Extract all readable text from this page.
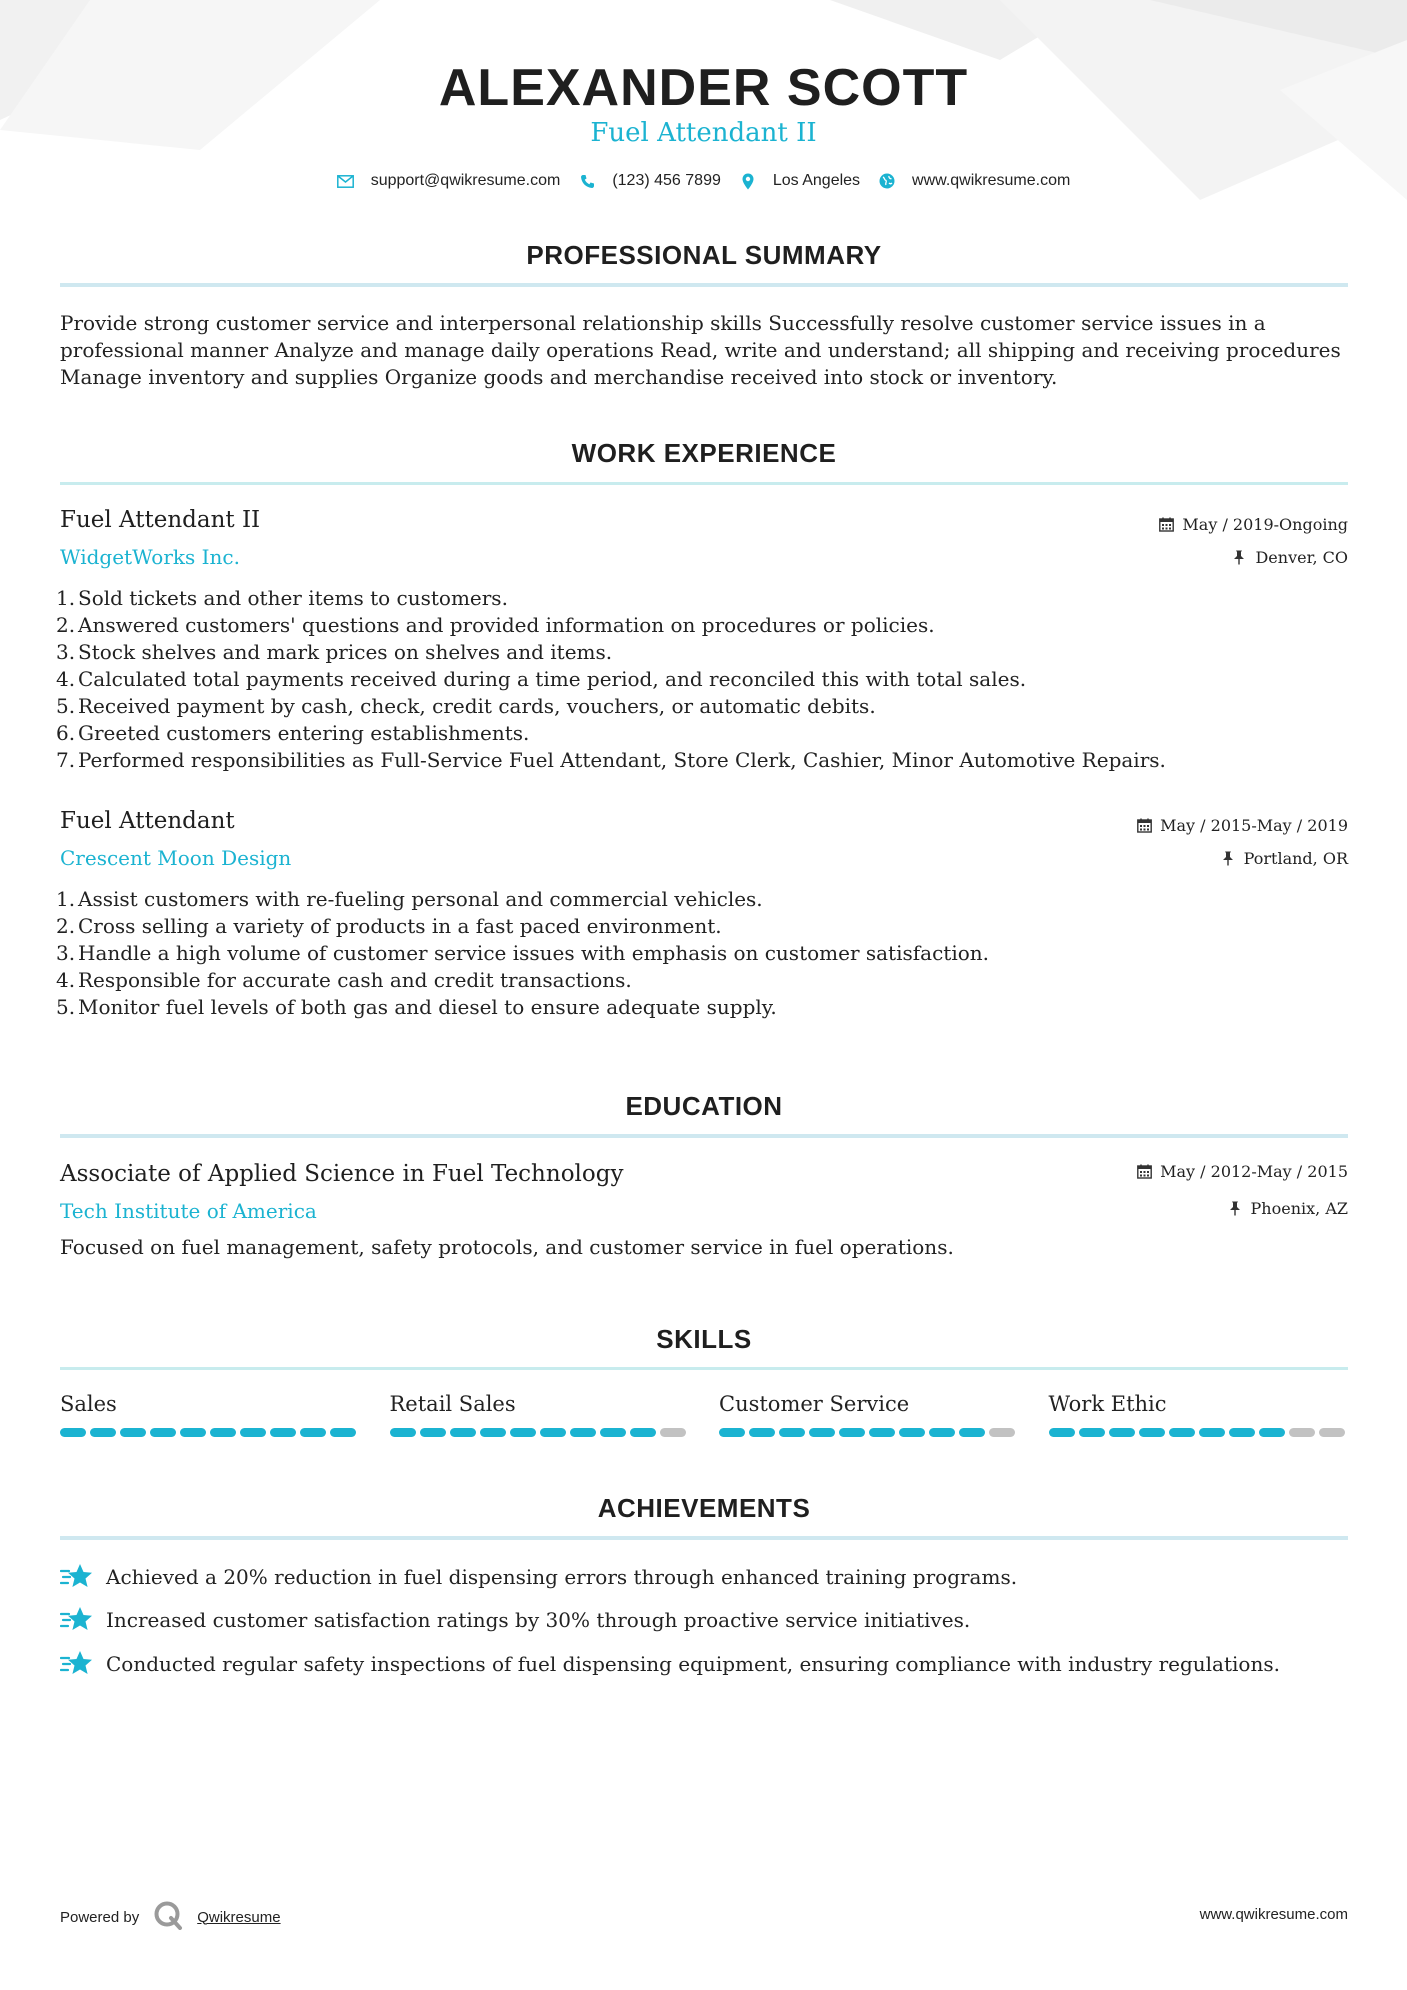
ALEXANDER SCOTT
Fuel Attendant II
support@qwikresume.com	(123) 456 7899	Los Angeles	www.qwikresume.com
PROFESSIONAL SUMMARY
Provide strong customer service and interpersonal relationship skills Successfully resolve customer service issues in a professional manner Analyze and manage daily operations Read, write and understand; all shipping and receiving procedures Manage inventory and supplies Organize goods and merchandise received into stock or inventory.
WORK EXPERIENCE
Fuel Attendant II
WidgetWorks Inc.
May / 2019-Ongoing
Denver, CO
1. Sold tickets and other items to customers.
2. Answered customers' questions and provided information on procedures or policies.
3. Stock shelves and mark prices on shelves and items.
4. Calculated total payments received during a time period, and reconciled this with total sales.
5. Received payment by cash, check, credit cards, vouchers, or automatic debits.
6. Greeted customers entering establishments.
7. Performed responsibilities as Full-Service Fuel Attendant, Store Clerk, Cashier, Minor Automotive Repairs.
Fuel Attendant
Crescent Moon Design
May / 2015-May / 2019
Portland, OR
1. Assist customers with re-fueling personal and commercial vehicles.
2. Cross selling a variety of products in a fast paced environment.
3. Handle a high volume of customer service issues with emphasis on customer satisfaction.
4. Responsible for accurate cash and credit transactions.
5. Monitor fuel levels of both gas and diesel to ensure adequate supply.
EDUCATION
Associate of Applied Science in Fuel Technology
Tech Institute of America
May / 2012-May / 2015
Phoenix, AZ
Focused on fuel management, safety protocols, and customer service in fuel operations.
SKILLS
Sales	Retail Sales	Customer Service	Work Ethic
ACHIEVEMENTS
Achieved a 20% reduction in fuel dispensing errors through enhanced training programs.
Increased customer satisfaction ratings by 30% through proactive service initiatives.
Conducted regular safety inspections of fuel dispensing equipment, ensuring compliance with industry regulations.
Powered by	Qwikresume	www.qwikresume.com
